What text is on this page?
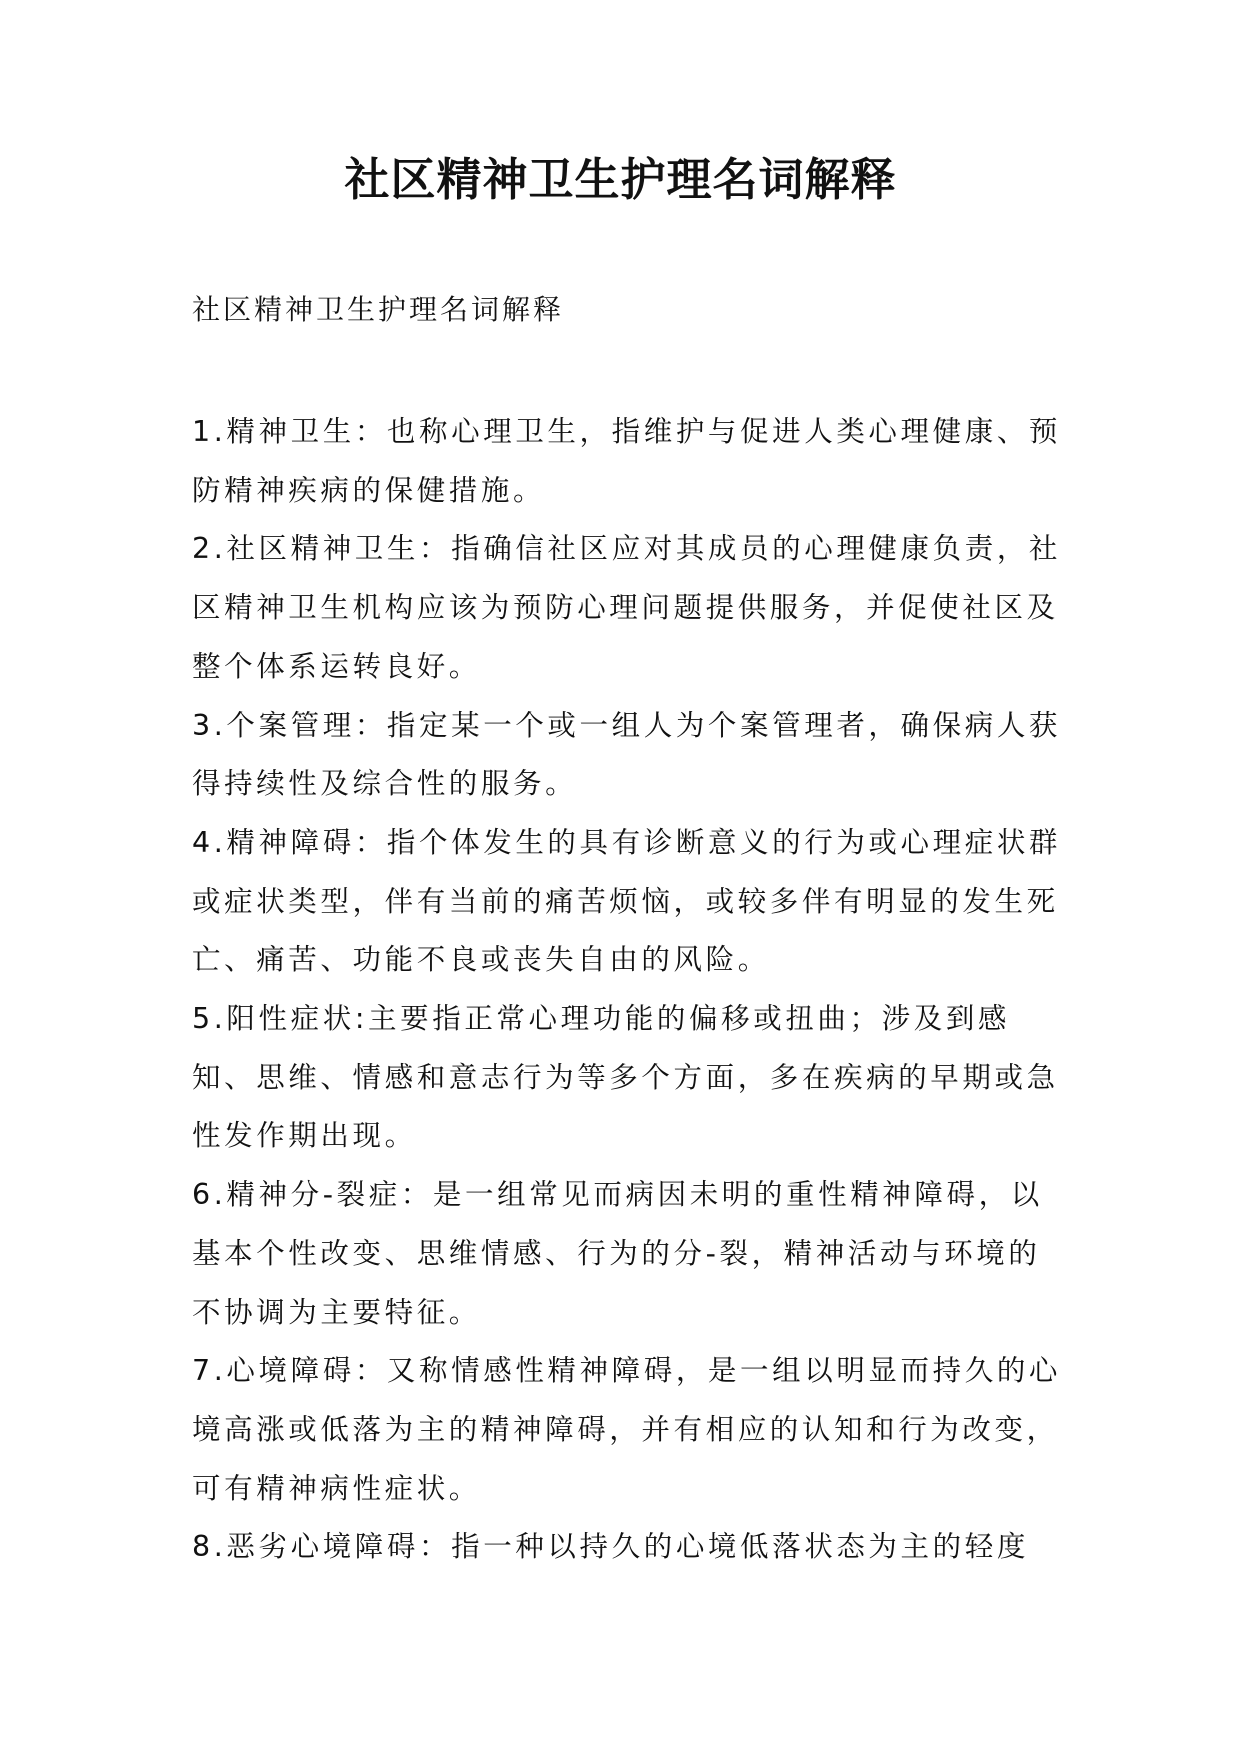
社区精神卫生护理名词解释
社区精神卫生护理名词解释

1.精神卫生：也称心理卫生，指维护与促进人类心理健康、预防精神疾病的保健措施。

2.社区精神卫生：指确信社区应对其成员的心理健康负责，社区精神卫生机构应该为预防心理问题提供服务，并促使社区及整个体系运转良好。

3.个案管理：指定某一个或一组人为个案管理者，确保病人获得持续性及综合性的服务。

4.精神障碍：指个体发生的具有诊断意义的行为或心理症状群或症状类型，伴有当前的痛苦烦恼，或较多伴有明显的发生死亡、痛苦、功能不良或丧失自由的风险。

5.阳性症状:主要指正常心理功能的偏移或扭曲；涉及到感知、思维、情感和意志行为等多个方面，多在疾病的早期或急性发作期出现。

6.精神分-裂症：是一组常见而病因未明的重性精神障碍，以基本个性改变、思维情感、行为的分-裂，精神活动与环境的不协调为主要特征。

7.心境障碍：又称情感性精神障碍，是一组以明显而持久的心境高涨或低落为主的精神障碍，并有相应的认知和行为改变，可有精神病性症状。

8.恶劣心境障碍：指一种以持久的心境低落状态为主的轻度
